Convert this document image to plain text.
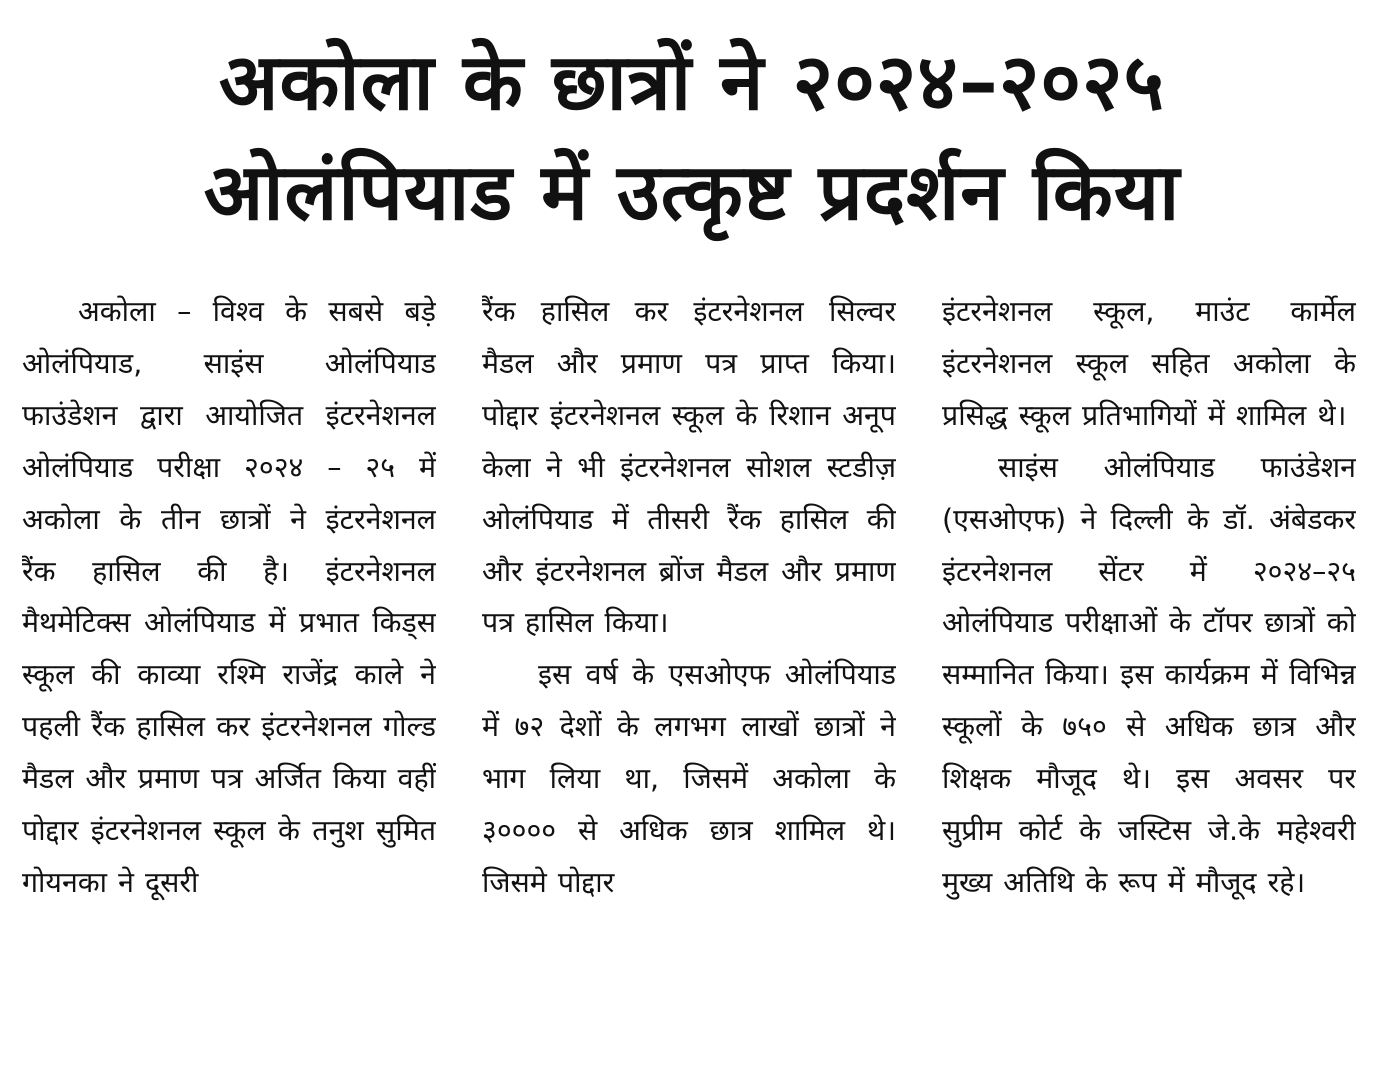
अकोला के छात्रों ने २०२४–२०२५
ओलंपियाड में उत्कृष्ट प्रदर्शन किया

अकोला – विश्व के सबसे बड़े ओलंपियाड, साइंस ओलंपियाड फाउंडेशन द्वारा आयोजित इंटरनेशनल ओलंपियाड परीक्षा २०२४ – २५ में अकोला के तीन छात्रों ने इंटरनेशनल रैंक हासिल की है। इंटरनेशनल मैथमेटिक्स ओलंपियाड में प्रभात किड्स स्कूल की काव्या रश्मि राजेंद्र काले ने पहली रैंक हासिल कर इंटरनेशनल गोल्ड मैडल और प्रमाण पत्र अर्जित किया वहीं पोद्दार इंटरनेशनल स्कूल के तनुश सुमित गोयनका ने दूसरी

रैंक हासिल कर इंटरनेशनल सिल्वर मैडल और प्रमाण पत्र प्राप्त किया। पोद्दार इंटरनेशनल स्कूल के रिशान अनूप केला ने भी इंटरनेशनल सोशल स्टडीज़ ओलंपियाड में तीसरी रैंक हासिल की और इंटरनेशनल ब्रोंज मैडल और प्रमाण पत्र हासिल किया।

इस वर्ष के एसओएफ ओलंपियाड में ७२ देशों के लगभग लाखों छात्रों ने भाग लिया था, जिसमें अकोला के ३०००० से अधिक छात्र शामिल थे। जिसमे पोद्दार

इंटरनेशनल स्कूल, माउंट कार्मेल इंटरनेशनल स्कूल सहित अकोला के प्रसिद्ध स्कूल प्रतिभागियों में शामिल थे।

साइंस ओलंपियाड फाउंडेशन (एसओएफ) ने दिल्ली के डॉ. अंबेडकर इंटरनेशनल सेंटर में २०२४–२५ ओलंपियाड परीक्षाओं के टॉपर छात्रों को सम्मानित किया। इस कार्यक्रम में विभिन्न स्कूलों के ७५० से अधिक छात्र और शिक्षक मौजूद थे। इस अवसर पर सुप्रीम कोर्ट के जस्टिस जे.के महेश्वरी मुख्य अतिथि के रूप में मौजूद रहे।
